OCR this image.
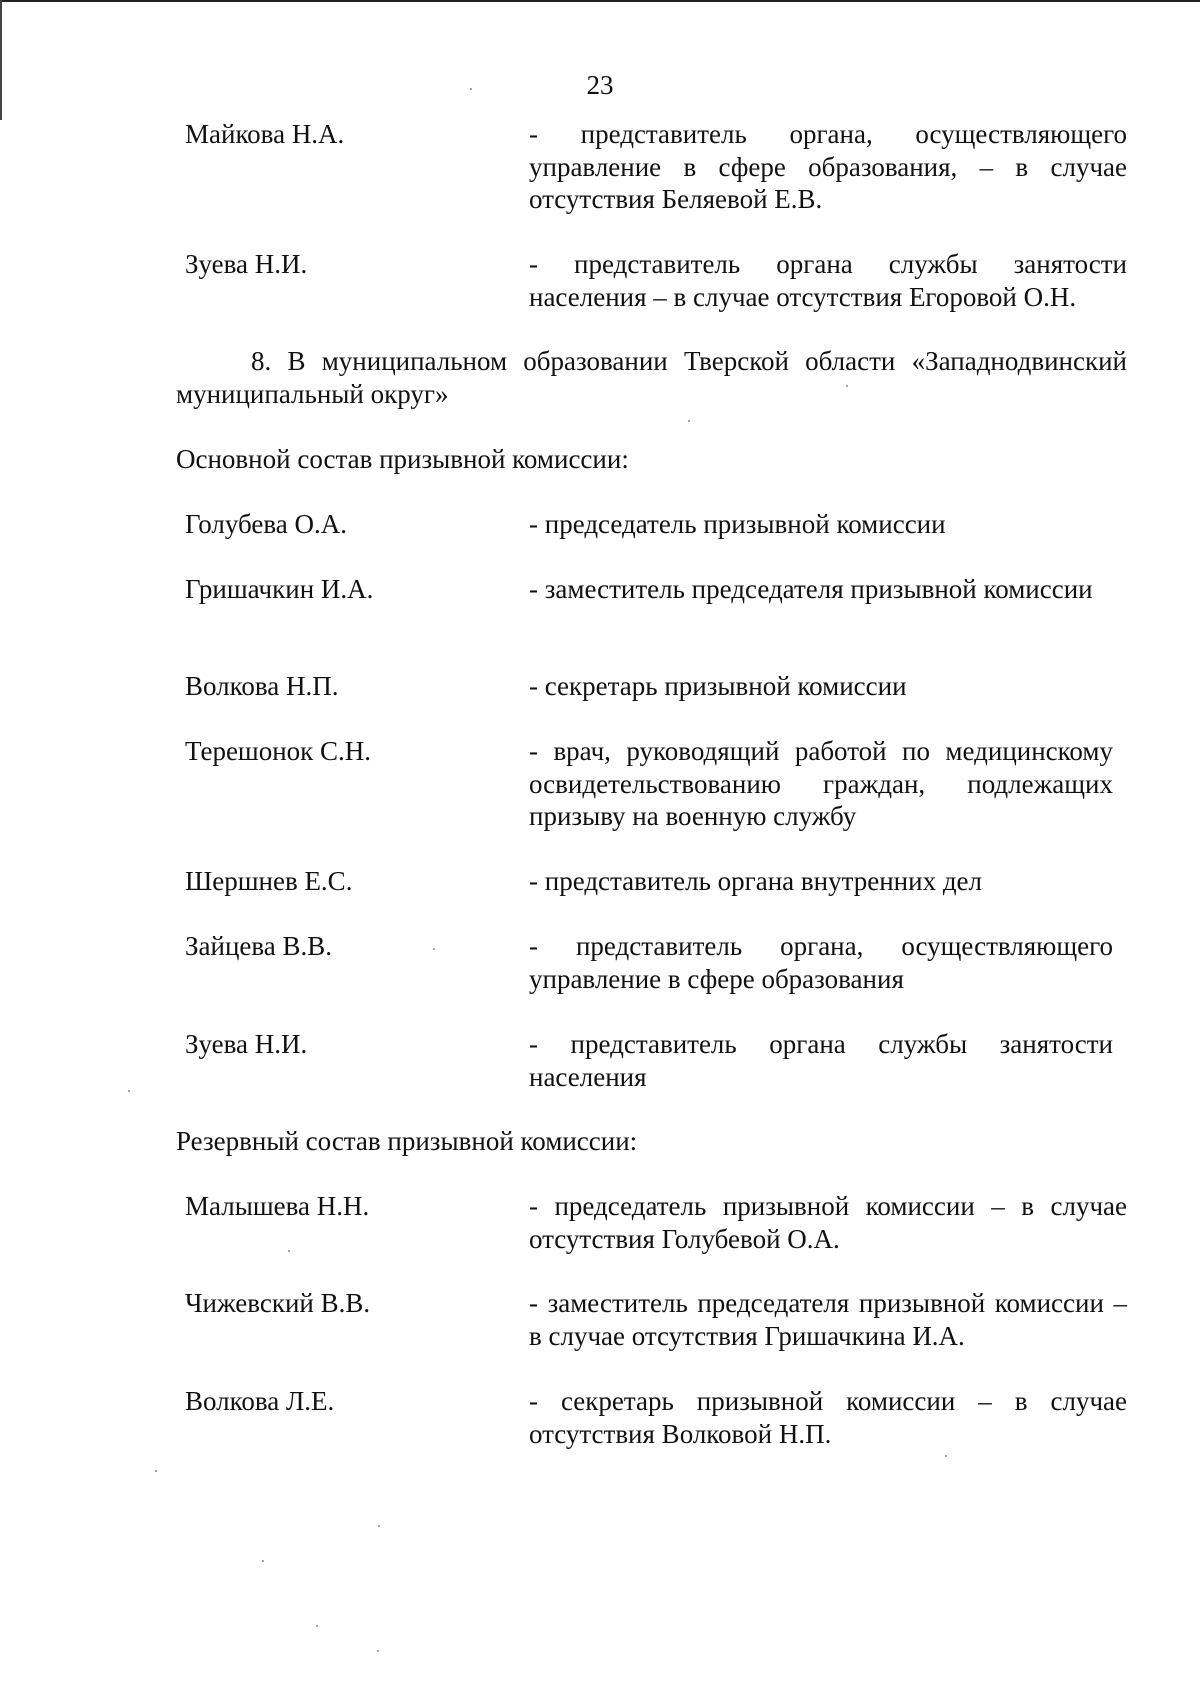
23
Майкова Н.А.	- представитель органа, осуществляющего управление в сфере образования, – в случае отсутствия Беляевой Е.В.
Зуева Н.И.	- представитель органа службы занятости населения – в случае отсутствия Егоровой О.Н.
8. В муниципальном образовании Тверской области «Западнодвинский муниципальный округ»
Основной состав призывной комиссии:
Голубева О.А.	- председатель призывной комиссии
Гришачкин И.А.	- заместитель председателя призывной комиссии
Волкова Н.П.	- секретарь призывной комиссии
Терешонок С.Н.	- врач, руководящий работой по медицинскому освидетельствованию граждан, подлежащих призыву на военную службу
Шершнев Е.С.	- представитель органа внутренних дел
Зайцева В.В.	- представитель органа, осуществляющего управление в сфере образования
Зуева Н.И.	- представитель органа службы занятости населения
Резервный состав призывной комиссии:
Малышева Н.Н.	- председатель призывной комиссии – в случае отсутствия Голубевой О.А.
Чижевский В.В.	- заместитель председателя призывной комиссии – в случае отсутствия Гришачкина И.А.
Волкова Л.Е.	- секретарь призывной комиссии – в случае отсутствия Волковой Н.П.
